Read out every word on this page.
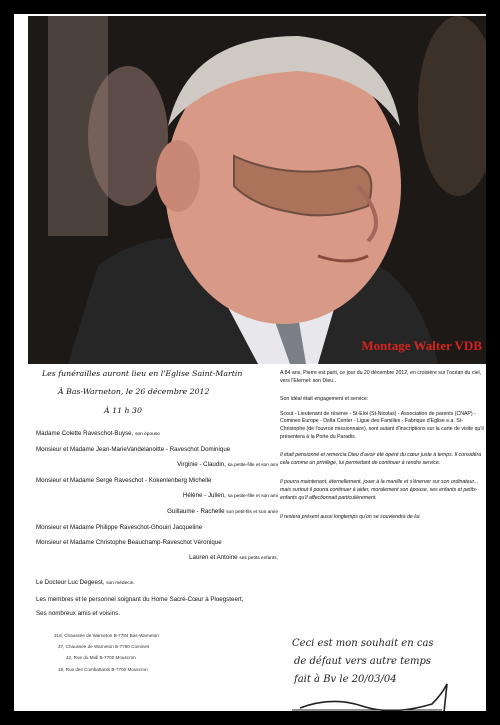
Montage Walter VDB
Les funérailles auront lieu en l'Eglise Saint-Martin
À Bas-Warneton, le 26 décembre 2012
À 11 h 30
Madame Colette Raveschot-Buyse, son épouse
Monsieur et Madame Jean-MarieVandelanoitte - Raveschot Dominique
Virginie - Claudin, sa petite-fille et son ami
Monsieur et Madame Serge Raveschot - Kokenlenberg Michelle
Hélène - Julien, sa petite-fille et son ami
Guillaume - Rachelle son petit-fils et son amie
Monsieur et Madame Philippe Raveschot-Ghouiri Jacqueline
Monsieur et Madame Christophe Beauchamp-Raveschot Véronique
Lauren et Antoine ses petits enfants,
Le Docteur Luc Degeest, son médecin.
Les membres et le personnel soignant du Home Sacré-Cœur à Ploegsteert,
Ses nombreux amis et voisins.
316, Chaussée de Warneton B-7784 Bas-Warneton
37, Chaussée de Warneton B-7780 Comines
42, Rue du Midi B-7700 Mouscron
19, Rue des Combattants B-7700 Mouscron
A 84 ans, Pierre est parti, ce jour du 20 décembre 2012, en croisière sur l'océan du ciel, vers l'Eternel: son Dieu..
Son idéal était engagement et service:
Scout - Lieutenant de réserve - St-Eloi (St-Nicolas) - Association de parents (CNAP) - Comines Europe - Delta Center - Ligue des Familles - Fabrique d'Eglise e.a. St-Christophe (de l'ouvroir missionnaire), sont autant d'inscriptions sur la carte de visite qu'il présentera à la Porte du Paradis.
Il était pensionné et remercia Dieu d'avoir été opéré du cœur juste à temps. Il considéra cela comme un privilège, lui permettant de continuer à rendre service.
Il pourra maintenant, éternellement, jouer à la manille et s'énerver sur son ordinateur... mais surtout il pourra continuer à aider, moralement son épouse, ses enfants et petits-enfants qu'il affectionnait particulièrement.
Il restera présent aussi longtemps qu'on se souviendra de lui.
Ceci est mon souhait en cas
de défaut vers autre temps
fait à Bv le 20/03/04
